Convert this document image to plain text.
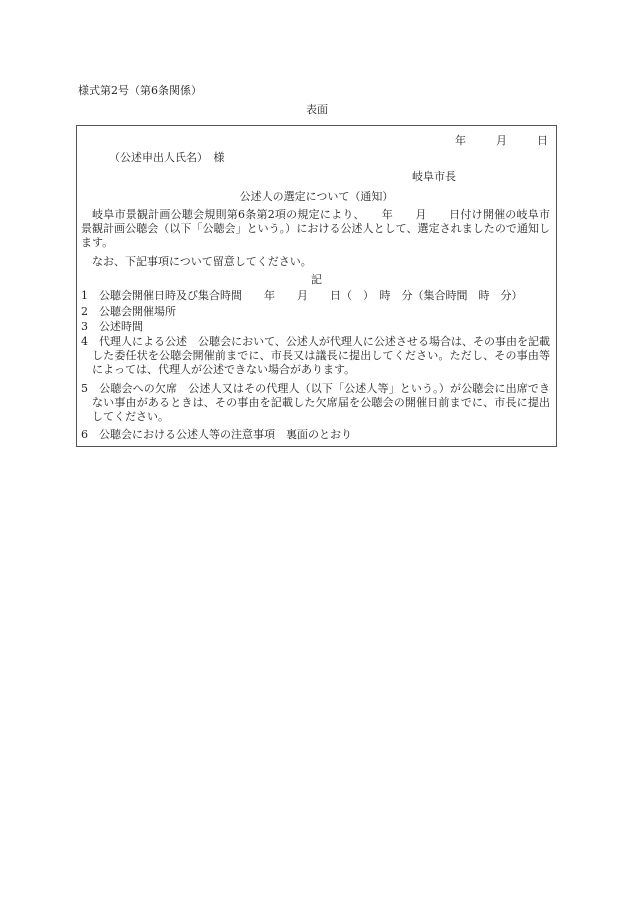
様式第2号（第6条関係）
表面
年	月	日
（公述申出人氏名）　様
岐阜市長
公述人の選定について（通知）
岐阜市景観計画公聴会規則第6条第2項の規定により、　　年　　月　　日付け開催の岐阜市景観計画公聴会（以下「公聴会」という。）における公述人として、選定されましたので通知します。
なお、下記事項について留意してください。
記
1　公聴会開催日時及び集合時間　　年　　月　　日（　）　時　分（集合時間　時　分）
2　公聴会開催場所
3　公述時間
4　代理人による公述　公聴会において、公述人が代理人に公述させる場合は、その事由を記載した委任状を公聴会開催前までに、市長又は議長に提出してください。ただし、その事由等によっては、代理人が公述できない場合があります。
5　公聴会への欠席　公述人又はその代理人（以下「公述人等」という。）が公聴会に出席できない事由があるときは、その事由を記載した欠席届を公聴会の開催日前までに、市長に提出してください。
6　公聴会における公述人等の注意事項　裏面のとおり
